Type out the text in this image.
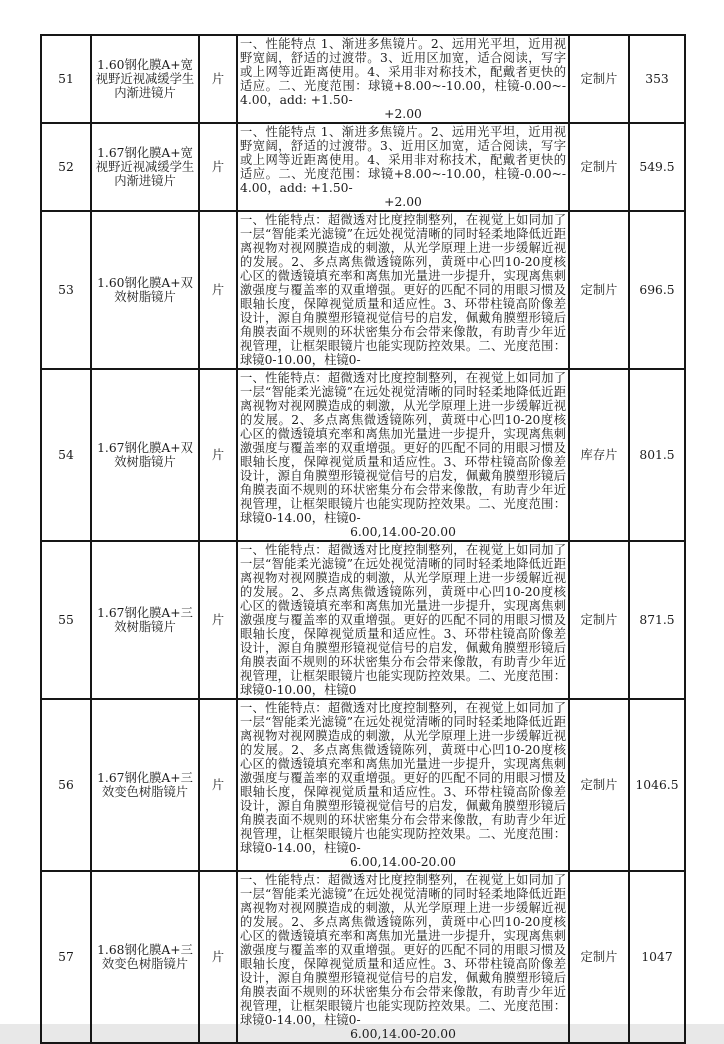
51	1.60钢化膜A+宽视野近视减缓学生内渐进镜片	片	一、性能特点 1、渐进多焦镜片。2、远用光平坦，近用视野宽阔，舒适的过渡带。3、近用区加宽，适合阅读，写字或上网等近距离使用。4、采用非对称技术，配戴者更快的适应。二、光度范围：球镜+8.00~-10.00，柱镜-0.00~-4.00，add: +1.50-
+2.00	定制片	353
52	1.67钢化膜A+宽视野近视减缓学生内渐进镜片	片	一、性能特点 1、渐进多焦镜片。2、远用光平坦，近用视野宽阔，舒适的过渡带。3、近用区加宽，适合阅读，写字或上网等近距离使用。4、采用非对称技术，配戴者更快的适应。二、光度范围：球镜+8.00~-10.00，柱镜-0.00~-4.00，add: +1.50-
+2.00	定制片	549.5
53	1.60钢化膜A+双效树脂镜片	片	一、性能特点：超微透对比度控制整列，在视觉上如同加了一层“智能柔光滤镜”在远处视觉清晰的同时轻柔地降低近距离视物对视网膜造成的刺激，从光学原理上进一步缓解近视的发展。2、多点离焦微透镜陈列，黄斑中心凹10-20度核心区的微透镜填充率和离焦加光量进一步提升，实现离焦刺激强度与覆盖率的双重增强。更好的匹配不同的用眼习惯及眼轴长度，保障视觉质量和适应性。3、环带柱镜高阶像差设计，源自角膜塑形镜视觉信号的启发，佩戴角膜塑形镜后角膜表面不规则的环状密集分布会带来像散，有助青少年近视管理，让框架眼镜片也能实现防控效果。二、光度范围：球镜0-10.00，柱镜0-	定制片	696.5
54	1.67钢化膜A+双效树脂镜片	片	一、性能特点：超微透对比度控制整列，在视觉上如同加了一层“智能柔光滤镜”在远处视觉清晰的同时轻柔地降低近距离视物对视网膜造成的刺激，从光学原理上进一步缓解近视的发展。2、多点离焦微透镜陈列，黄斑中心凹10-20度核心区的微透镜填充率和离焦加光量进一步提升，实现离焦刺激强度与覆盖率的双重增强。更好的匹配不同的用眼习惯及眼轴长度，保障视觉质量和适应性。3、环带柱镜高阶像差设计，源自角膜塑形镜视觉信号的启发，佩戴角膜塑形镜后角膜表面不规则的环状密集分布会带来像散，有助青少年近视管理，让框架眼镜片也能实现防控效果。二、光度范围：球镜0-14.00，柱镜0-
6.00,14.00-20.00	库存片	801.5
55	1.67钢化膜A+三效树脂镜片	片	一、性能特点：超微透对比度控制整列，在视觉上如同加了一层“智能柔光滤镜”在远处视觉清晰的同时轻柔地降低近距离视物对视网膜造成的刺激，从光学原理上进一步缓解近视的发展。2、多点离焦微透镜陈列，黄斑中心凹10-20度核心区的微透镜填充率和离焦加光量进一步提升，实现离焦刺激强度与覆盖率的双重增强。更好的匹配不同的用眼习惯及眼轴长度，保障视觉质量和适应性。3、环带柱镜高阶像差设计，源自角膜塑形镜视觉信号的启发，佩戴角膜塑形镜后角膜表面不规则的环状密集分布会带来像散，有助青少年近视管理，让框架眼镜片也能实现防控效果。二、光度范围：球镜0-10.00，柱镜0	定制片	871.5
56	1.67钢化膜A+三效变色树脂镜片	片	一、性能特点：超微透对比度控制整列，在视觉上如同加了一层“智能柔光滤镜”在远处视觉清晰的同时轻柔地降低近距离视物对视网膜造成的刺激，从光学原理上进一步缓解近视的发展。2、多点离焦微透镜陈列，黄斑中心凹10-20度核心区的微透镜填充率和离焦加光量进一步提升，实现离焦刺激强度与覆盖率的双重增强。更好的匹配不同的用眼习惯及眼轴长度，保障视觉质量和适应性。3、环带柱镜高阶像差设计，源自角膜塑形镜视觉信号的启发，佩戴角膜塑形镜后角膜表面不规则的环状密集分布会带来像散，有助青少年近视管理，让框架眼镜片也能实现防控效果。二、光度范围：球镜0-14.00，柱镜0-
6.00,14.00-20.00	定制片	1046.5
57	1.68钢化膜A+三效变色树脂镜片	片	一、性能特点：超微透对比度控制整列，在视觉上如同加了一层“智能柔光滤镜”在远处视觉清晰的同时轻柔地降低近距离视物对视网膜造成的刺激，从光学原理上进一步缓解近视的发展。2、多点离焦微透镜陈列，黄斑中心凹10-20度核心区的微透镜填充率和离焦加光量进一步提升，实现离焦刺激强度与覆盖率的双重增强。更好的匹配不同的用眼习惯及眼轴长度，保障视觉质量和适应性。3、环带柱镜高阶像差设计，源自角膜塑形镜视觉信号的启发，佩戴角膜塑形镜后角膜表面不规则的环状密集分布会带来像散，有助青少年近视管理，让框架眼镜片也能实现防控效果。二、光度范围：球镜0-14.00，柱镜0-
6.00,14.00-20.00	定制片	1047
